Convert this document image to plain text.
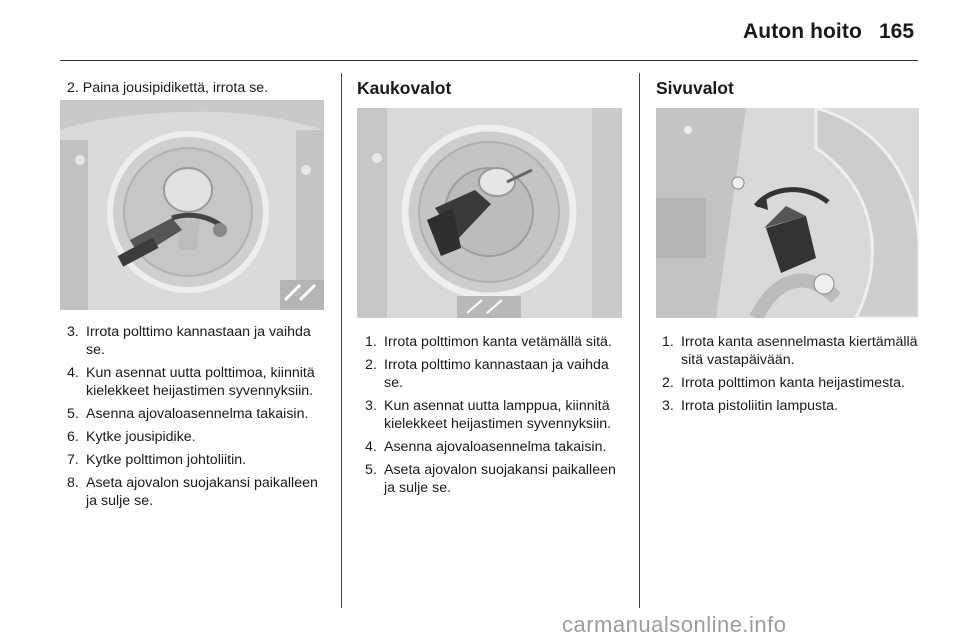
Auton hoito 165
2. Paina jousipidikettä, irrota se.
3. Irrota polttimo kannastaan ja vaihda se.
4. Kun asennat uutta polttimoa, kiinnitä kielekkeet heijastimen syvennyksiin.
5. Asenna ajovaloasennelma takaisin.
6. Kytke jousipidike.
7. Kytke polttimon johtoliitin.
8. Aseta ajovalon suojakansi paikalleen ja sulje se.
Kaukovalot
1. Irrota polttimon kanta vetämällä sitä.
2. Irrota polttimo kannastaan ja vaihda se.
3. Kun asennat uutta lamppua, kiinnitä kielekkeet heijastimen syvennyksiin.
4. Asenna ajovaloasennelma takaisin.
5. Aseta ajovalon suojakansi paikalleen ja sulje se.
Sivuvalot
1. Irrota kanta asennelmasta kiertämällä sitä vastapäivään.
2. Irrota polttimon kanta heijastimesta.
3. Irrota pistoliitin lampusta.
carmanualsonline.info
